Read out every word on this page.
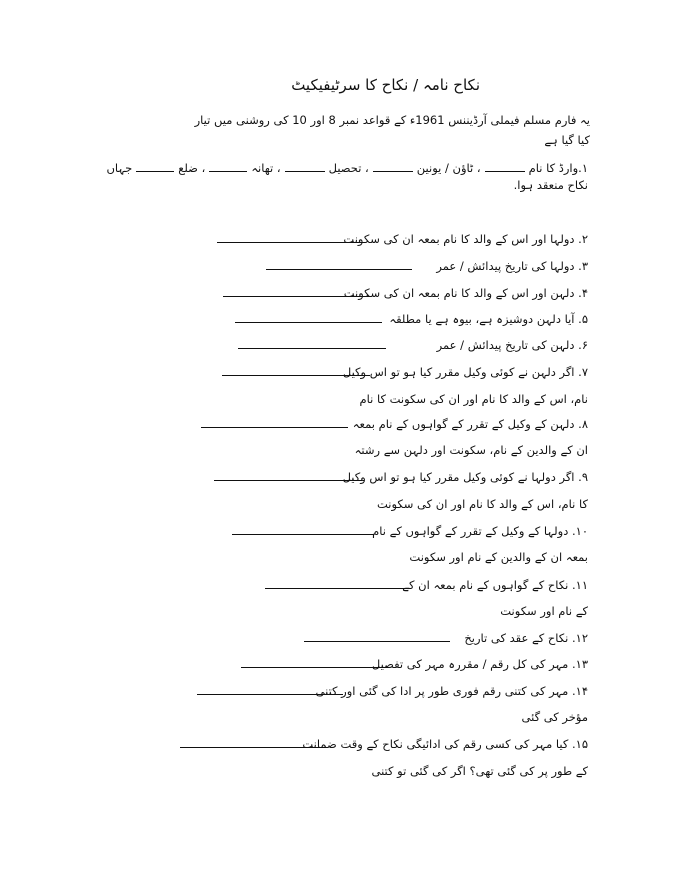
نکاح نامہ / نکاح کا سرٹیفیکیٹ
یہ فارم مسلم فیملی آرڈیننس 1961ء کے قواعد نمبر 8 اور 10 کی روشنی میں تیار
کیا گیا ہے
۱.وارڈ کا نام، ٹاؤن / یونین، تحصیل، تھانہ، ضلعجہاں
نکاح منعقد ہوا.
۲. دولہا اور اس کے والد کا نام بمعہ ان کی سکونت
۳. دولہا کی تاریخ پیدائش / عمر
۴. دلہن اور اس کے والد کا نام بمعہ ان کی سکونت
۵. آیا دلہن دوشیزہ ہے، بیوہ ہے یا مطلقہ
۶. دلہن کی تاریخ پیدائش / عمر
۷. اگر دلہن نے کوئی وکیل مقرر کیا ہو تو اس وکیل
نام، اس کے والد کا نام اور ان کی سکونت کا نام
۸. دلہن کے وکیل کے تقرر کے گواہوں کے نام بمعہ
ان کے والدین کے نام، سکونت اور دلہن سے رشتہ
۹. اگر دولہا نے کوئی وکیل مقرر کیا ہو تو اس وکیل
کا نام، اس کے والد کا نام اور ان کی سکونت
۱۰. دولہا کے وکیل کے تقرر کے گواہوں کے نام
بمعہ ان کے والدین کے نام اور سکونت
۱۱. نکاح کے گواہوں کے نام بمعہ ان کے
کے نام اور سکونت
۱۲. نکاح کے عقد کی تاریخ
۱۳. مہر کی کل رقم / مقررہ مہر کی تفصیل
۱۴. مہر کی کتنی رقم فوری طور پر ادا کی گئی اور کتنی
مؤخر کی گئی
۱۵. کیا مہر کی کسی رقم کی ادائیگی نکاح کے وقت ضمانت
کے طور پر کی گئی تھی؟ اگر کی گئی تو کتنی
